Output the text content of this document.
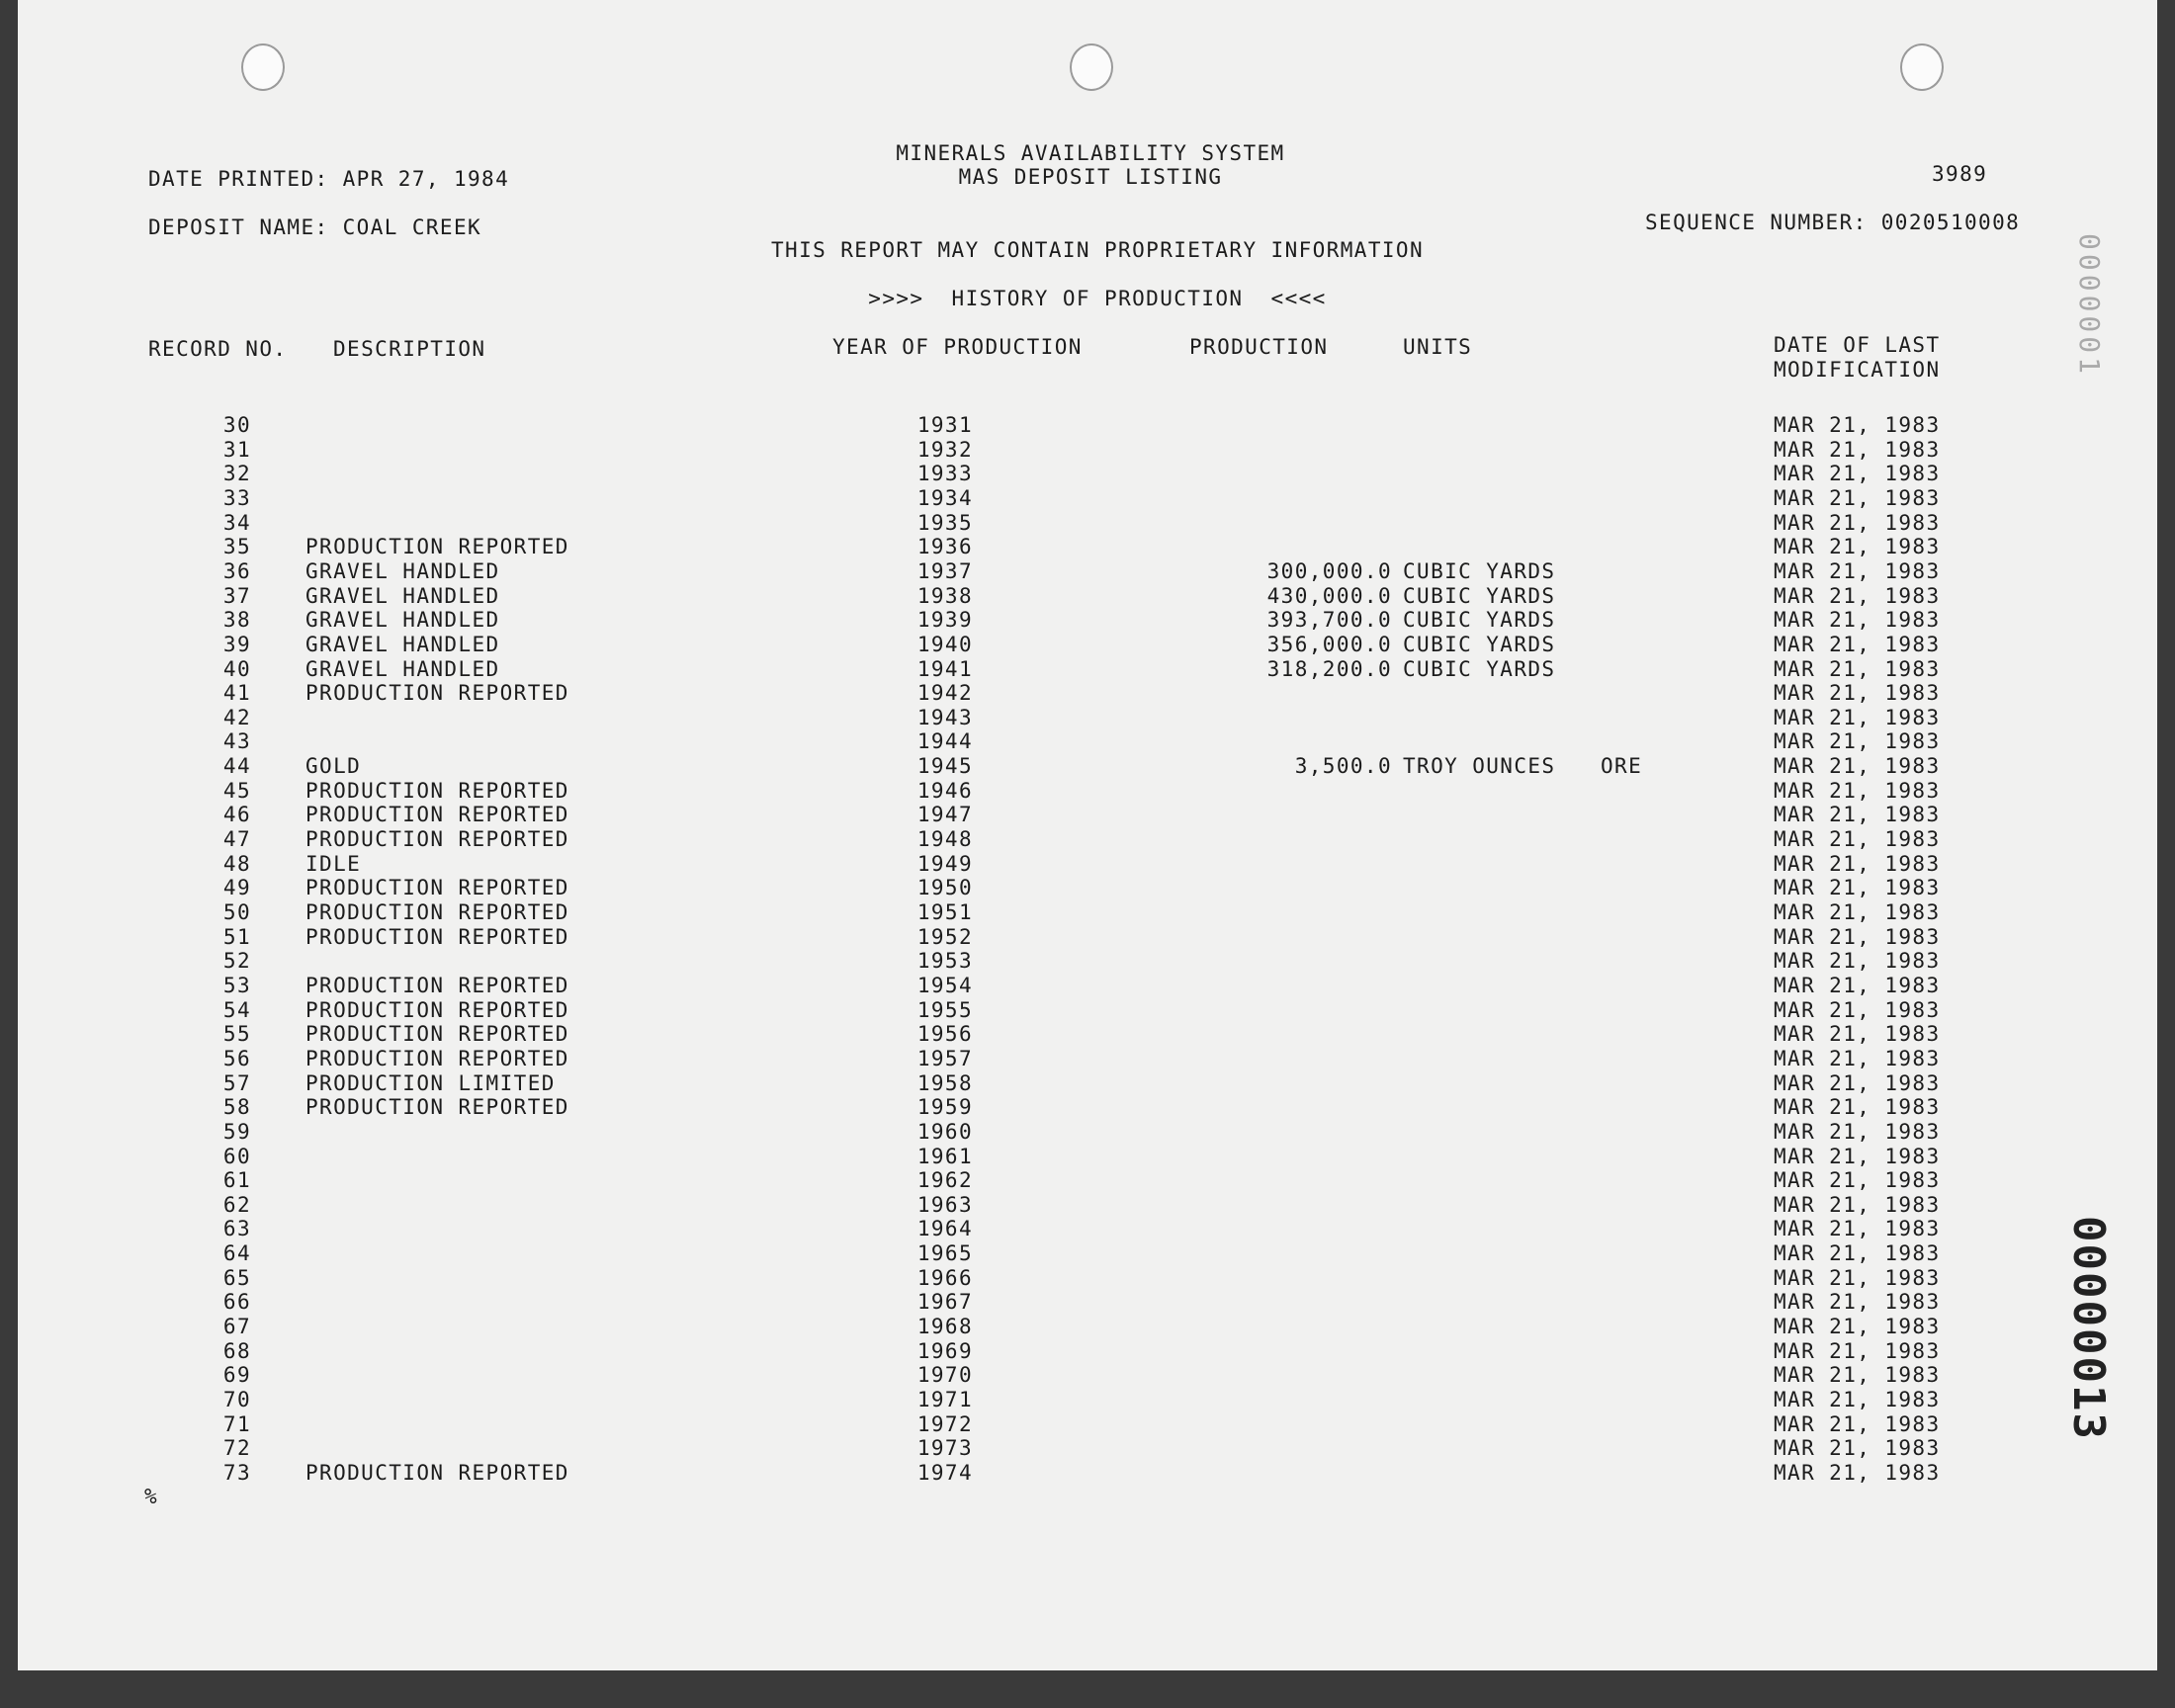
DATE PRINTED: APR 27, 1984
MINERALS AVAILABILITY SYSTEM
MAS DEPOSIT LISTING	3989
DEPOSIT NAME: COAL CREEK	SEQUENCE NUMBER: 0020510008
THIS REPORT MAY CONTAIN PROPRIETARY INFORMATION
>>>>  HISTORY OF PRODUCTION  <<<<
RECORD NO. DESCRIPTION	YEAR OF PRODUCTION	PRODUCTION	UNITS	DATE OF LAST
MODIFICATION
30	1931	MAR 21, 1983
31	1932	MAR 21, 1983
32	1933	MAR 21, 1983
33	1934	MAR 21, 1983
34	1935	MAR 21, 1983
35	PRODUCTION REPORTED	1936	MAR 21, 1983
36	GRAVEL HANDLED	1937	300,000.0 CUBIC YARDS	MAR 21, 1983
37	GRAVEL HANDLED	1938	430,000.0 CUBIC YARDS	MAR 21, 1983
38	GRAVEL HANDLED	1939	393,700.0 CUBIC YARDS	MAR 21, 1983
39	GRAVEL HANDLED	1940	356,000.0 CUBIC YARDS	MAR 21, 1983
40	GRAVEL HANDLED	1941	318,200.0 CUBIC YARDS	MAR 21, 1983
41	PRODUCTION REPORTED	1942	MAR 21, 1983
42	1943	MAR 21, 1983
43	1944	MAR 21, 1983
44	GOLD	1945	3,500.0 TROY OUNCES ORE	MAR 21, 1983
45	PRODUCTION REPORTED	1946	MAR 21, 1983
46	PRODUCTION REPORTED	1947	MAR 21, 1983
47	PRODUCTION REPORTED	1948	MAR 21, 1983
48	IDLE	1949	MAR 21, 1983
49	PRODUCTION REPORTED	1950	MAR 21, 1983
50	PRODUCTION REPORTED	1951	MAR 21, 1983
51	PRODUCTION REPORTED	1952	MAR 21, 1983
52	1953	MAR 21, 1983
53	PRODUCTION REPORTED	1954	MAR 21, 1983
54	PRODUCTION REPORTED	1955	MAR 21, 1983
55	PRODUCTION REPORTED	1956	MAR 21, 1983
56	PRODUCTION REPORTED	1957	MAR 21, 1983
57	PRODUCTION LIMITED	1958	MAR 21, 1983
58	PRODUCTION REPORTED	1959	MAR 21, 1983
59	1960	MAR 21, 1983
60	1961	MAR 21, 1983
61	1962	MAR 21, 1983
62	1963	MAR 21, 1983
63	1964	MAR 21, 1983
64	1965	MAR 21, 1983
65	1966	MAR 21, 1983
66	1967	MAR 21, 1983
67	1968	MAR 21, 1983
68	1969	MAR 21, 1983
69	1970	MAR 21, 1983
70	1971	MAR 21, 1983
71	1972	MAR 21, 1983
72	1973	MAR 21, 1983
73	PRODUCTION REPORTED	1974	MAR 21, 1983
%
0000001
00000013
